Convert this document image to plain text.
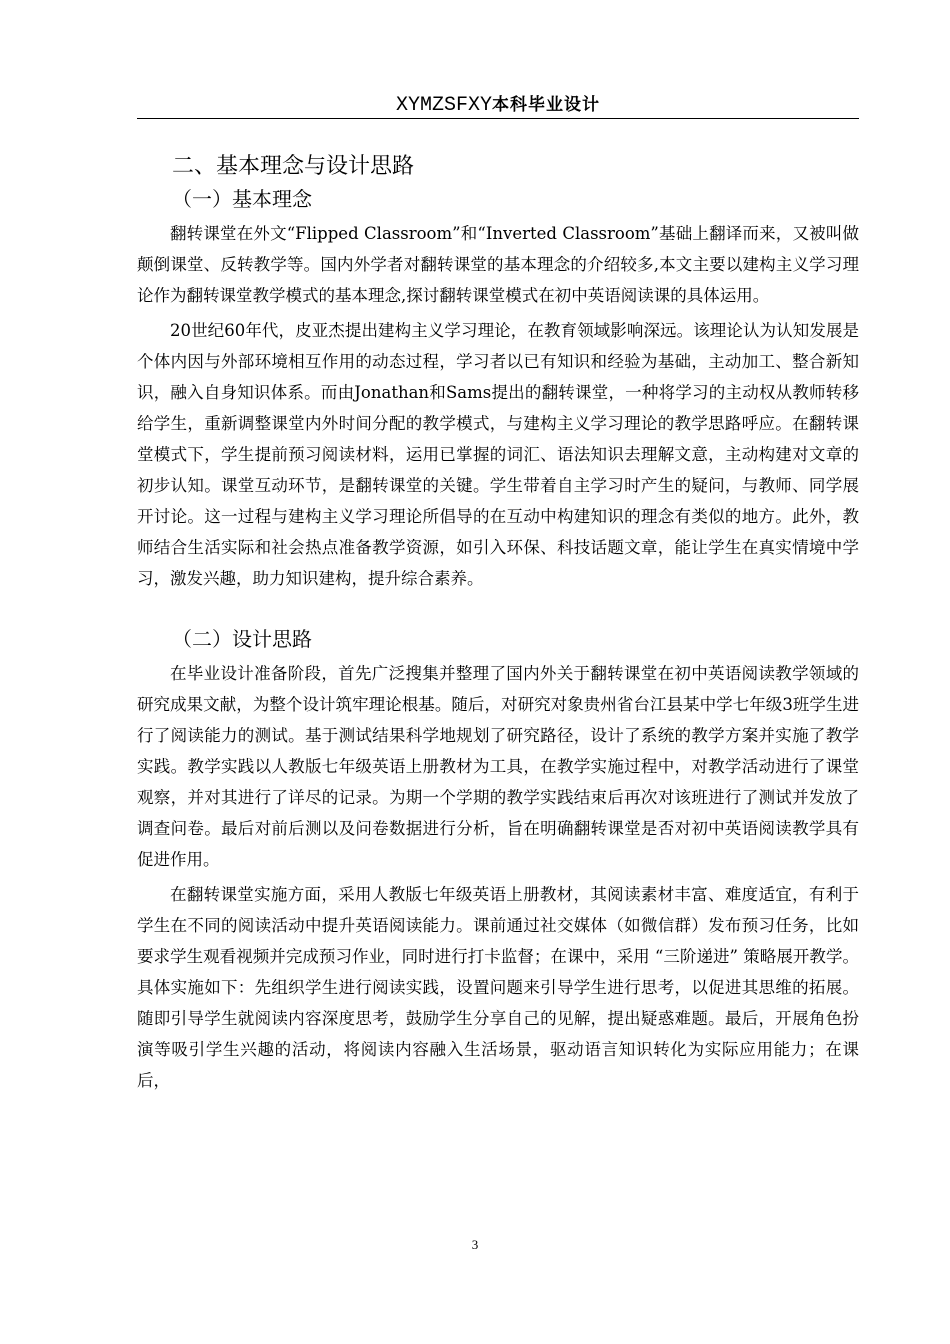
XYMZSFXY本科毕业设计
二、基本理念与设计思路
（一）基本理念

翻转课堂在外文“Flipped Classroom”和“Inverted Classroom”基础上翻译而来，又被叫做颠倒课堂、反转教学等。国内外学者对翻转课堂的基本理念的介绍较多,本文主要以建构主义学习理论作为翻转课堂教学模式的基本理念,探讨翻转课堂模式在初中英语阅读课的具体运用。

20世纪60年代，皮亚杰提出建构主义学习理论，在教育领域影响深远。该理论认为认知发展是个体内因与外部环境相互作用的动态过程，学习者以已有知识和经验为基础，主动加工、整合新知识，融入自身知识体系。而由Jonathan和Sams提出的翻转课堂，一种将学习的主动权从教师转移给学生，重新调整课堂内外时间分配的教学模式，与建构主义学习理论的教学思路呼应。在翻转课堂模式下，学生提前预习阅读材料，运用已掌握的词汇、语法知识去理解文意，主动构建对文章的初步认知。课堂互动环节，是翻转课堂的关键。学生带着自主学习时产生的疑问，与教师、同学展开讨论。这一过程与建构主义学习理论所倡导的在互动中构建知识的理念有类似的地方。此外，教师结合生活实际和社会热点准备教学资源，如引入环保、科技话题文章，能让学生在真实情境中学习，激发兴趣，助力知识建构，提升综合素养。

（二）设计思路

在毕业设计准备阶段，首先广泛搜集并整理了国内外关于翻转课堂在初中英语阅读教学领域的研究成果文献，为整个设计筑牢理论根基。随后，对研究对象贵州省台江县某中学七年级3班学生进行了阅读能力的测试。基于测试结果科学地规划了研究路径，设计了系统的教学方案并实施了教学实践。教学实践以人教版七年级英语上册教材为工具，在教学实施过程中，对教学活动进行了课堂观察，并对其进行了详尽的记录。为期一个学期的教学实践结束后再次对该班进行了测试并发放了调查问卷。最后对前后测以及问卷数据进行分析，旨在明确翻转课堂是否对初中英语阅读教学具有促进作用。

在翻转课堂实施方面，采用人教版七年级英语上册教材，其阅读素材丰富、难度适宜，有利于学生在不同的阅读活动中提升英语阅读能力。课前通过社交媒体（如微信群）发布预习任务，比如要求学生观看视频并完成预习作业，同时进行打卡监督；在课中，采用 “三阶递进” 策略展开教学。具体实施如下：先组织学生进行阅读实践，设置问题来引导学生进行思考，以促进其思维的拓展。随即引导学生就阅读内容深度思考，鼓励学生分享自己的见解，提出疑惑难题。最后，开展角色扮演等吸引学生兴趣的活动，将阅读内容融入生活场景，驱动语言知识转化为实际应用能力；在课后，

3
